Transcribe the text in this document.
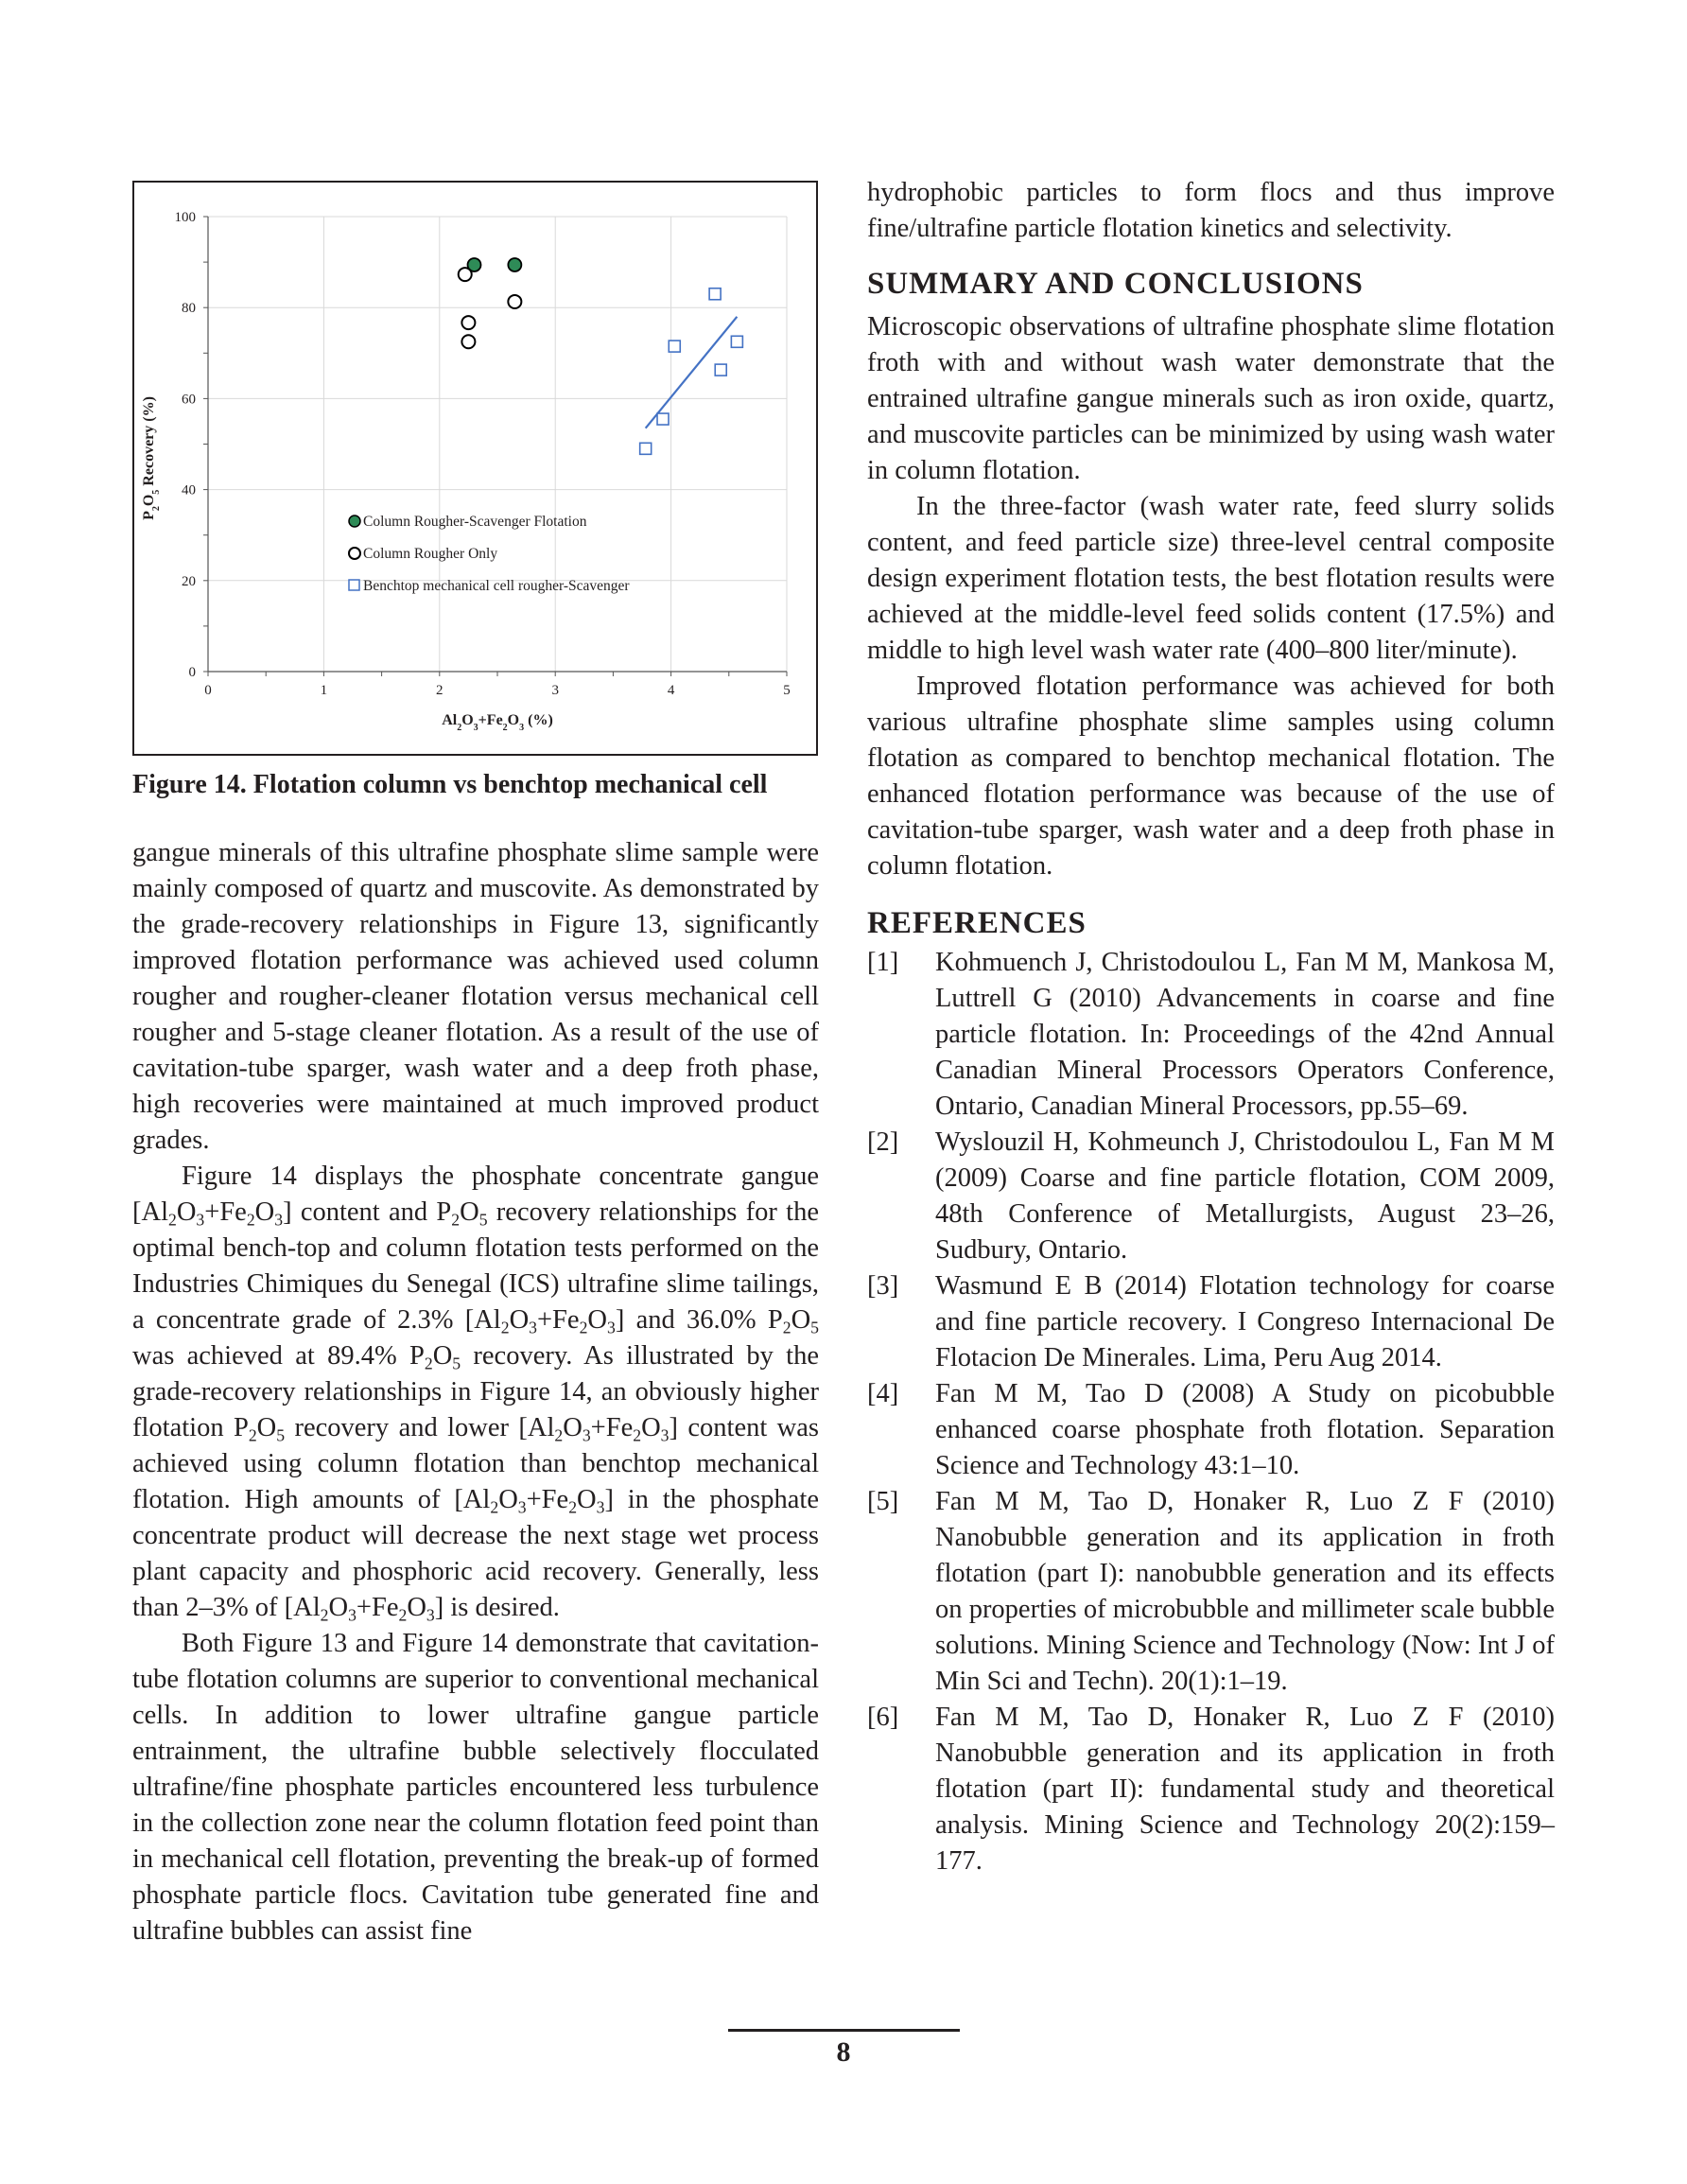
0	1	2	3	4	5
0
20
40
60
80
100
$Al_2O_3+Fe_2O_3$ (%)
$P_2O_5$ Recovery (%)
Column Rougher-Scavenger Flotation
Column Rougher Only
Benchtop mechanical cell rougher-Scavenger
Figure 14. Flotation column vs benchtop mechanical cell

gangue minerals of this ultrafine phosphate slime sample were mainly composed of quartz and muscovite. As demonstrated by the grade-recovery relationships in Figure 13, significantly improved flotation performance was achieved used column rougher and rougher-cleaner flotation versus mechanical cell rougher and 5-stage cleaner flotation. As a result of the use of cavitation-tube sparger, wash water and a deep froth phase, high recoveries were maintained at much improved product grades.

Figure 14 displays the phosphate concentrate gangue $[Al_2O_3+Fe_2O_3]$ content and $P_2O_5$ recovery relationships for the optimal bench-top and column flotation tests performed on the Industries Chimiques du Senegal (ICS) ultrafine slime tailings, a concentrate grade of 2.3% $[Al_2O_3+Fe_2O_3]$ and 36.0% $P_2O_5$ was achieved at 89.4% $P_2O_5$ recovery. As illustrated by the grade-recovery relationships in Figure 14, an obviously higher flotation $P_2O_5$ recovery and lower $[Al_2O_3+Fe_2O_3]$ content was achieved using column flotation than benchtop mechanical flotation. High amounts of $[Al_2O_3+Fe_2O_3]$ in the phosphate concentrate product will decrease the next stage wet process plant capacity and phosphoric acid recovery. Generally, less than 2–3% of $[Al_2O_3+Fe_2O_3]$ is desired.

Both Figure 13 and Figure 14 demonstrate that cavitation-tube flotation columns are superior to conventional mechanical cells. In addition to lower ultrafine gangue particle entrainment, the ultrafine bubble selectively flocculated ultrafine/fine phosphate particles encountered less turbulence in the collection zone near the column flotation feed point than in mechanical cell flotation, preventing the break-up of formed phosphate particle flocs. Cavitation tube generated fine and ultrafine bubbles can assist fine

hydrophobic particles to form flocs and thus improve fine/ultrafine particle flotation kinetics and selectivity.

SUMMARY AND CONCLUSIONS

Microscopic observations of ultrafine phosphate slime flotation froth with and without wash water demonstrate that the entrained ultrafine gangue minerals such as iron oxide, quartz, and muscovite particles can be minimized by using wash water in column flotation.

In the three-factor (wash water rate, feed slurry solids content, and feed particle size) three-level central composite design experiment flotation tests, the best flotation results were achieved at the middle-level feed solids content (17.5%) and middle to high level wash water rate (400–800 liter/minute).

Improved flotation performance was achieved for both various ultrafine phosphate slime samples using column flotation as compared to benchtop mechanical flotation. The enhanced flotation performance was because of the use of cavitation-tube sparger, wash water and a deep froth phase in column flotation.

REFERENCES

[1] Kohmuench J, Christodoulou L, Fan M M, Mankosa M, Luttrell G (2010) Advancements in coarse and fine particle flotation. In: Proceedings of the 42nd Annual Canadian Mineral Processors Operators Conference, Ontario, Canadian Mineral Processors, pp.55–69.

[2] Wyslouzil H, Kohmeunch J, Christodoulou L, Fan M M (2009) Coarse and fine particle flotation, COM 2009, 48th Conference of Metallurgists, August 23–26, Sudbury, Ontario.

[3] Wasmund E B (2014) Flotation technology for coarse and fine particle recovery. I Congreso Internacional De Flotacion De Minerales. Lima, Peru Aug 2014.

[4] Fan M M, Tao D (2008) A Study on picobubble enhanced coarse phosphate froth flotation. Separation Science and Technology 43:1–10.

[5] Fan M M, Tao D, Honaker R, Luo Z F (2010) Nanobubble generation and its application in froth flotation (part I): nanobubble generation and its effects on properties of microbubble and millimeter scale bubble solutions. Mining Science and Technology (Now: Int J of Min Sci and Techn). 20(1):1–19.

[6] Fan M M, Tao D, Honaker R, Luo Z F (2010) Nanobubble generation and its application in froth flotation (part II): fundamental study and theoretical analysis. Mining Science and Technology 20(2):159–177.

8
